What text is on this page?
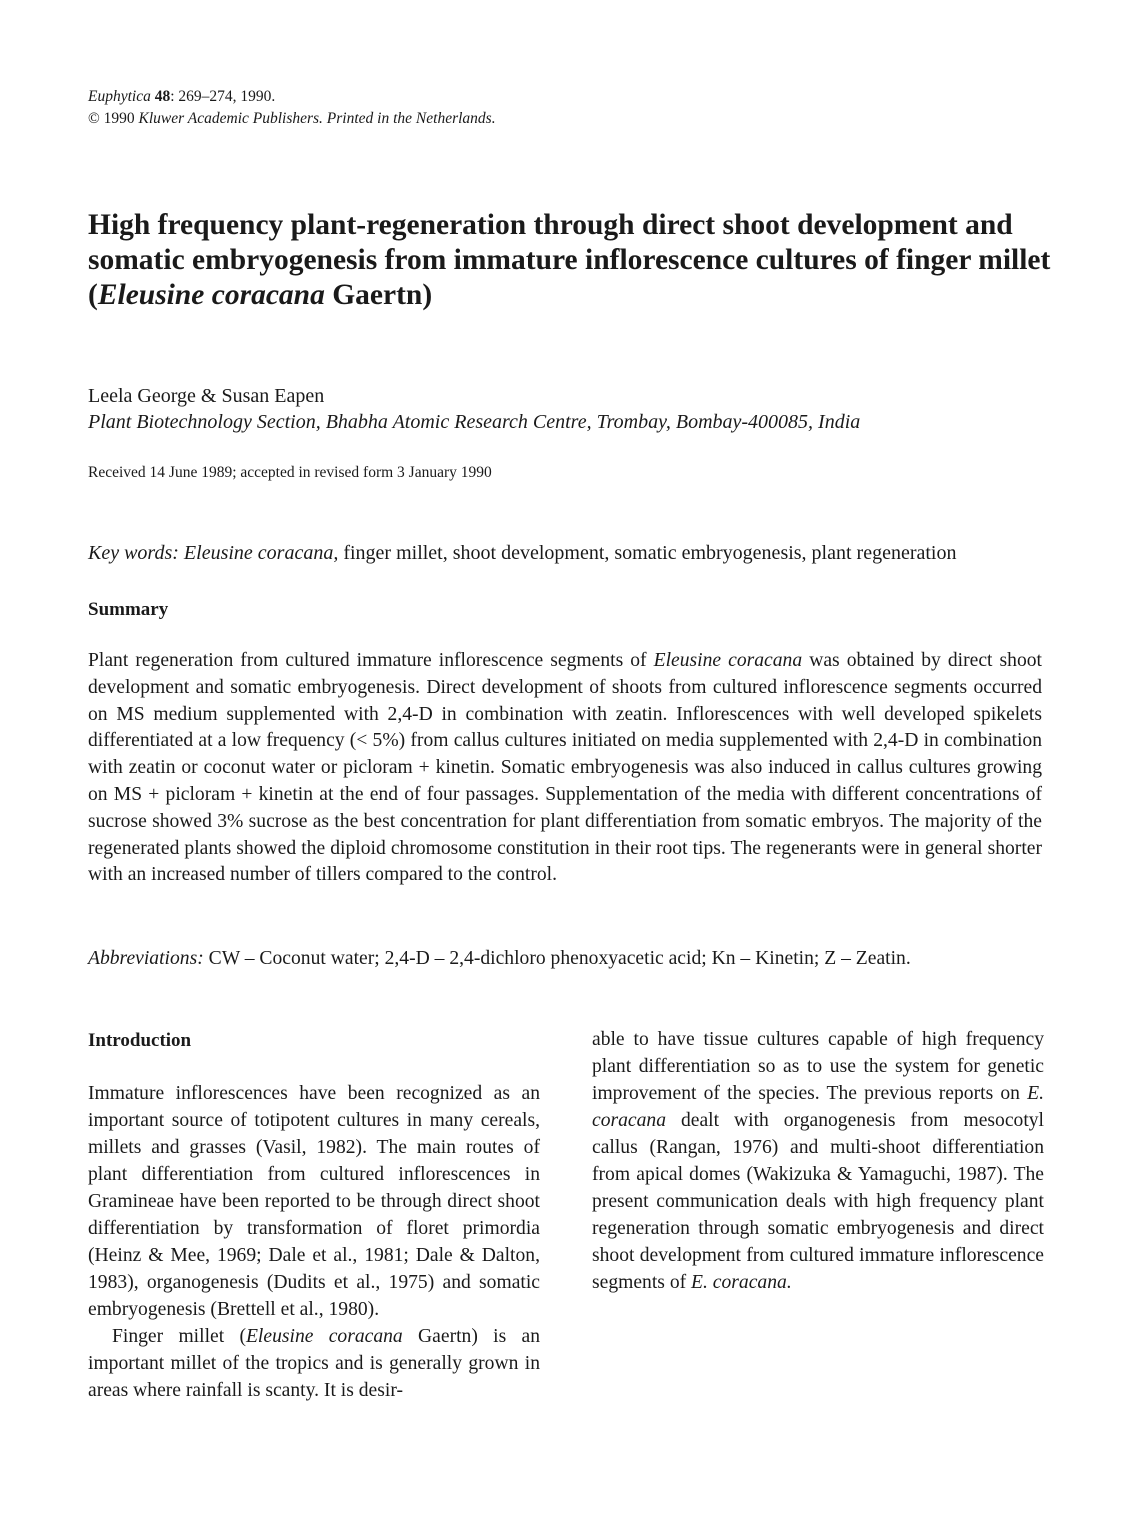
Euphytica 48: 269–274, 1990.
© 1990 Kluwer Academic Publishers. Printed in the Netherlands.
High frequency plant-regeneration through direct shoot development and somatic embryogenesis from immature inflorescence cultures of finger millet
(Eleusine coracana Gaertn)
Leela George & Susan Eapen
Plant Biotechnology Section, Bhabha Atomic Research Centre, Trombay, Bombay-400085, India
Received 14 June 1989; accepted in revised form 3 January 1990
Key words: Eleusine coracana, finger millet, shoot development, somatic embryogenesis, plant regeneration
Summary

Plant regeneration from cultured immature inflorescence segments of Eleusine coracana was obtained by direct shoot development and somatic embryogenesis. Direct development of shoots from cultured inflorescence segments occurred on MS medium supplemented with 2,4-D in combination with zeatin. Inflorescences with well developed spikelets differentiated at a low frequency (< 5%) from callus cultures initiated on media supplemented with 2,4-D in combination with zeatin or coconut water or picloram + kinetin. Somatic embryogenesis was also induced in callus cultures growing on MS + picloram + kinetin at the end of four passages. Supplementation of the media with different concentrations of sucrose showed 3% sucrose as the best concentration for plant differentiation from somatic embryos. The majority of the regenerated plants showed the diploid chromosome constitution in their root tips. The regenerants were in general shorter with an increased number of tillers compared to the control.

Abbreviations: CW – Coconut water; 2,4-D – 2,4-dichloro phenoxyacetic acid; Kn – Kinetin; Z – Zeatin.

Introduction

Immature inflorescences have been recognized as an important source of totipotent cultures in many cereals, millets and grasses (Vasil, 1982). The main routes of plant differentiation from cultured inflorescences in Gramineae have been reported to be through direct shoot differentiation by transformation of floret primordia (Heinz & Mee, 1969; Dale et al., 1981; Dale & Dalton, 1983), organogenesis (Dudits et al., 1975) and somatic embryogenesis (Brettell et al., 1980).

Finger millet (Eleusine coracana Gaertn) is an important millet of the tropics and is generally grown in areas where rainfall is scanty. It is desir-

able to have tissue cultures capable of high frequency plant differentiation so as to use the system for genetic improvement of the species. The previous reports on E. coracana dealt with organogenesis from mesocotyl callus (Rangan, 1976) and multi-shoot differentiation from apical domes (Wakizuka & Yamaguchi, 1987). The present communication deals with high frequency plant regeneration through somatic embryogenesis and direct shoot development from cultured immature inflorescence segments of E. coracana.
